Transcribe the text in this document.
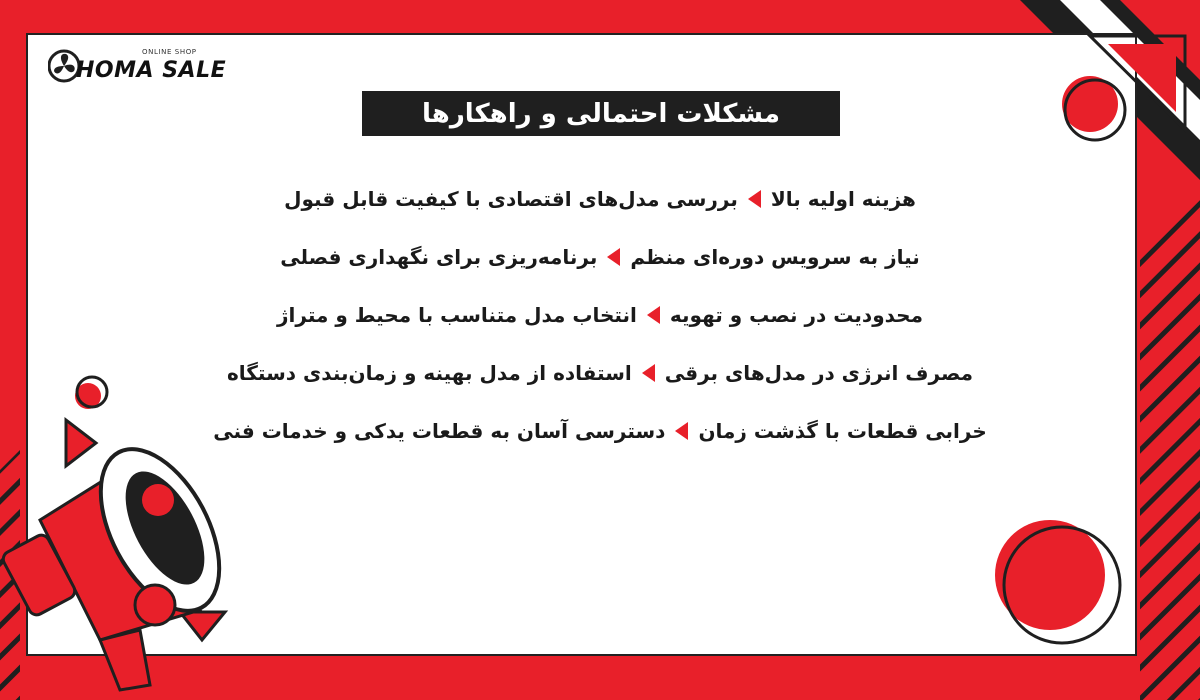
ONLINE SHOP
HOMA SALE
مشکلات احتمالی و راهکارها
هزینه اولیه بالا
بررسی مدل‌های اقتصادی با کیفیت قابل قبول
نیاز به سرویس دوره‌ای منظم
برنامه‌ریزی برای نگهداری فصلی
محدودیت در نصب و تهویه
انتخاب مدل متناسب با محیط و متراژ
مصرف انرژی در مدل‌های برقی
استفاده از مدل بهینه و زمان‌بندی دستگاه
خرابی قطعات با گذشت زمان
دسترسی آسان به قطعات یدکی و خدمات فنی
